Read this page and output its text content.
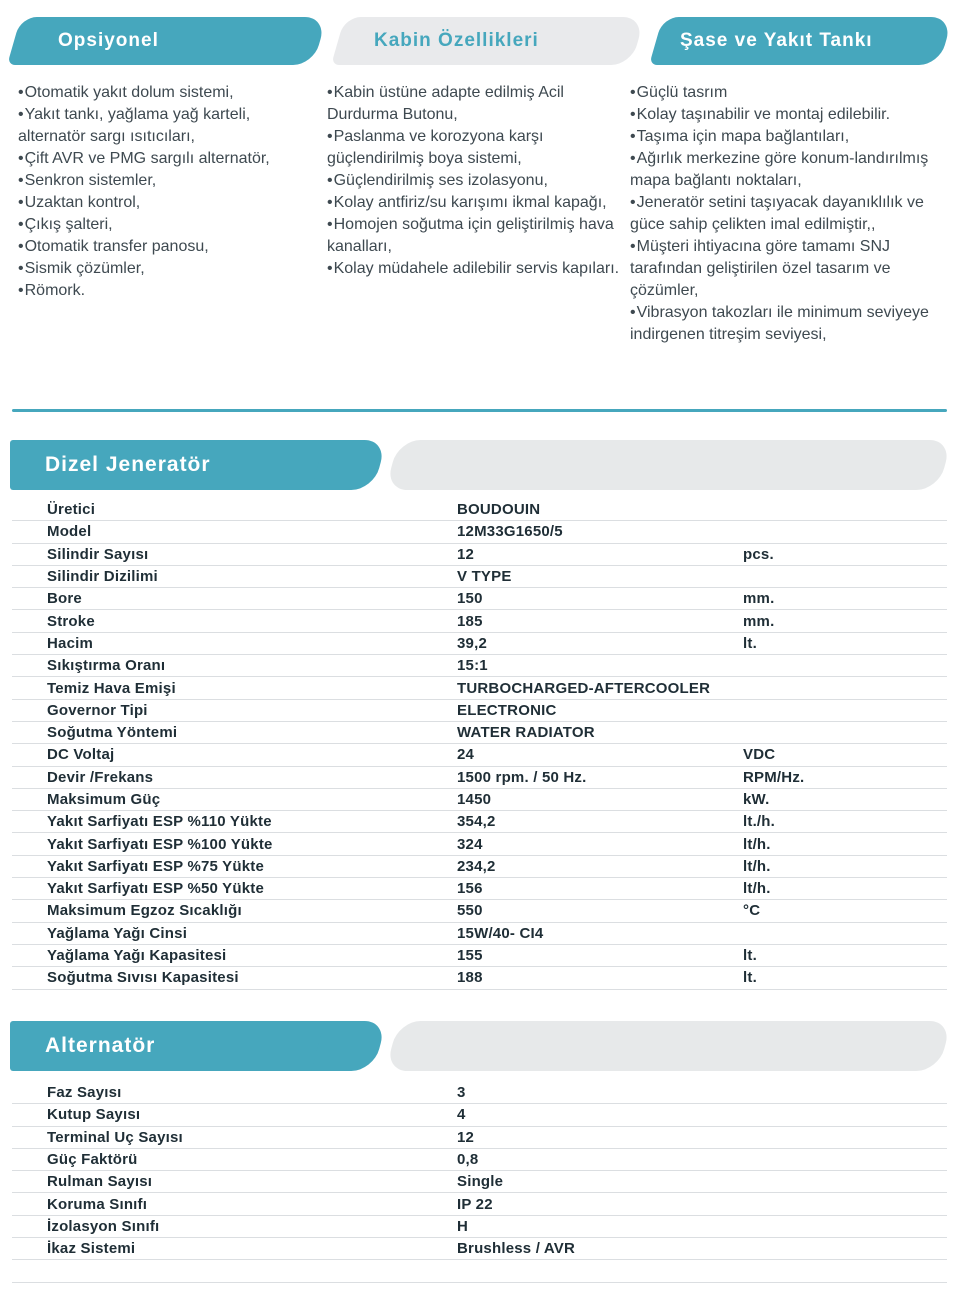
Opsiyonel	Kabin Özellikleri	Şase ve Yakıt Tankı

•Otomatik yakıt dolum sistemi,

•Yakıt tankı, yağlama yağ karteli, alternatör sargı ısıtıcıları,

•Çift AVR ve PMG sargılı alternatör,

•Senkron sistemler,

•Uzaktan kontrol,

•Çıkış şalteri,

•Otomatik transfer panosu,

•Sismik çözümler,

•Römork.

•Kabin üstüne adapte edilmiş Acil Durdurma Butonu,

•Paslanma ve korozyona karşı güçlendirilmiş boya sistemi,

•Güçlendirilmiş ses izolasyonu,

•Kolay antfiriz/su karışımı ikmal kapağı,

•Homojen soğutma için geliştirilmiş hava kanalları,

•Kolay müdahele adilebilir servis kapıları.

•Güçlü tasrım

•Kolay taşınabilir ve montaj edilebilir.

•Taşıma için mapa bağlantıları,

•Ağırlık merkezine göre konum-landırılmış mapa bağlantı noktaları,

•Jeneratör setini taşıyacak dayanıklılık ve güce sahip çelikten imal edilmiştir,,

•Müşteri ihtiyacına göre tamamı SNJ tarafından geliştirilen özel tasarım ve çözümler,

•Vibrasyon takozları ile minimum seviyeye indirgenen titreşim seviyesi,

Dizel Jeneratör
Üretici	BOUDOUIN
Model	12M33G1650/5
Silindir Sayısı	12	pcs.
Silindir Dizilimi	V TYPE
Bore	150	mm.
Stroke	185	mm.
Hacim	39,2	lt.
Sıkıştırma Oranı	15:1
Temiz Hava Emişi	TURBOCHARGED-AFTERCOOLER
Governor Tipi	ELECTRONIC
Soğutma Yöntemi	WATER RADIATOR
DC Voltaj	24	VDC
Devir /Frekans	1500 rpm. / 50 Hz.	RPM/Hz.
Maksimum Güç	1450	kW.
Yakıt Sarfiyatı ESP %110 Yükte	354,2	lt./h.
Yakıt Sarfiyatı ESP %100 Yükte	324	lt/h.
Yakıt Sarfiyatı ESP %75 Yükte	234,2	lt/h.
Yakıt Sarfiyatı ESP %50 Yükte	156	lt/h.
Maksimum Egzoz Sıcaklığı	550	°C
Yağlama Yağı Cinsi	15W/40- CI4
Yağlama Yağı Kapasitesi	155	lt.
Soğutma Sıvısı Kapasitesi	188	lt.
Alternatör
Faz Sayısı	3
Kutup Sayısı	4
Terminal Uç Sayısı	12
Güç Faktörü	0,8
Rulman Sayısı	Single
Koruma Sınıfı	IP 22
İzolasyon Sınıfı	H
İkaz Sistemi	Brushless / AVR
